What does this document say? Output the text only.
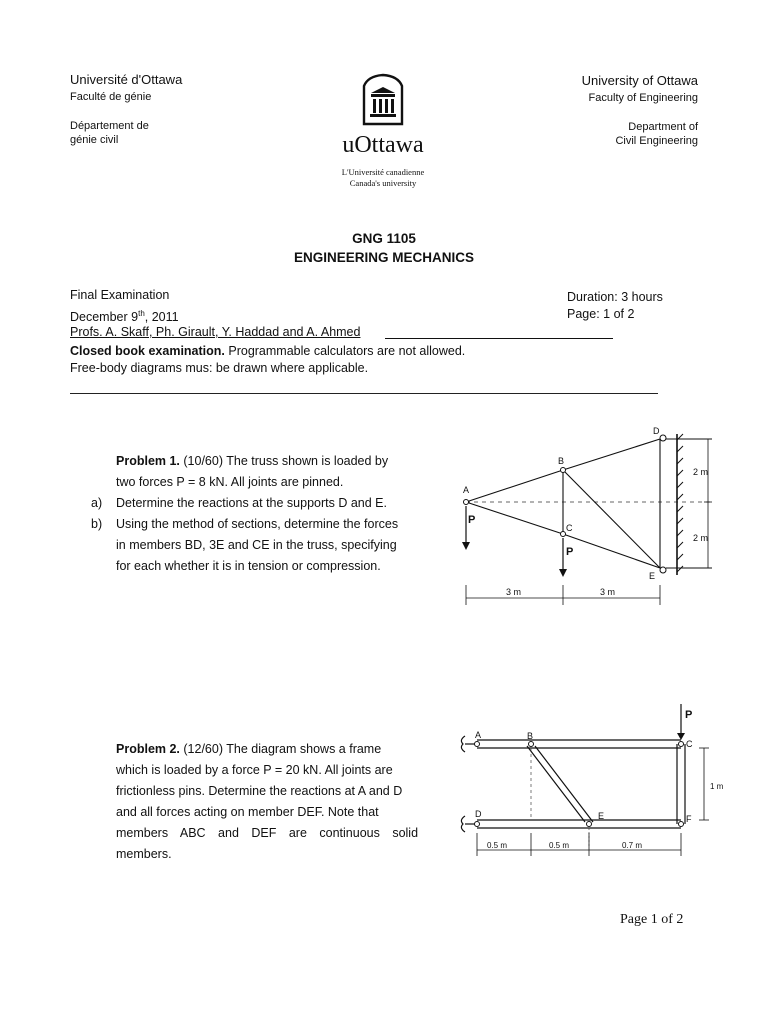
Université d'Ottawa
Faculté de génie
Département de
génie civil
University of Ottawa
Faculty of Engineering
Department of
Civil Engineering
uOttawa
L'Université canadienne
Canada's university
GNG 1105
ENGINEERING MECHANICS
Final Examination
December 9th, 2011
Duration: 3 hours
Page: 1 of 2
Profs. A. Skaff, Ph. Girault, Y. Haddad and A. Ahmed
Closed book examination. Programmable calculators are not allowed.
Free-body diagrams mus: be drawn where applicable.
Problem 1. (10/60) The truss shown is loaded by
two forces P = 8 kN. All joints are pinned.
a) Determine the reactions at the supports D and E.
b) Using the method of sections, determine the forces
in members BD, 3E and CE in the truss, specifying
for each whether it is in tension or compression.
A
B
C
D
E
P
P
3 m	3 m
2 m
2 m
Problem 2. (12/60) The diagram shows a frame
which is loaded by a force P = 20 kN. All joints are
frictionless pins. Determine the reactions at A and D
and all forces acting on member DEF. Note that
members ABC and DEF are continuous solid
members.
A	B
C
D	E	F
P
1 m
0.5 m	0.5 m	0.7 m
Page 1 of 2
